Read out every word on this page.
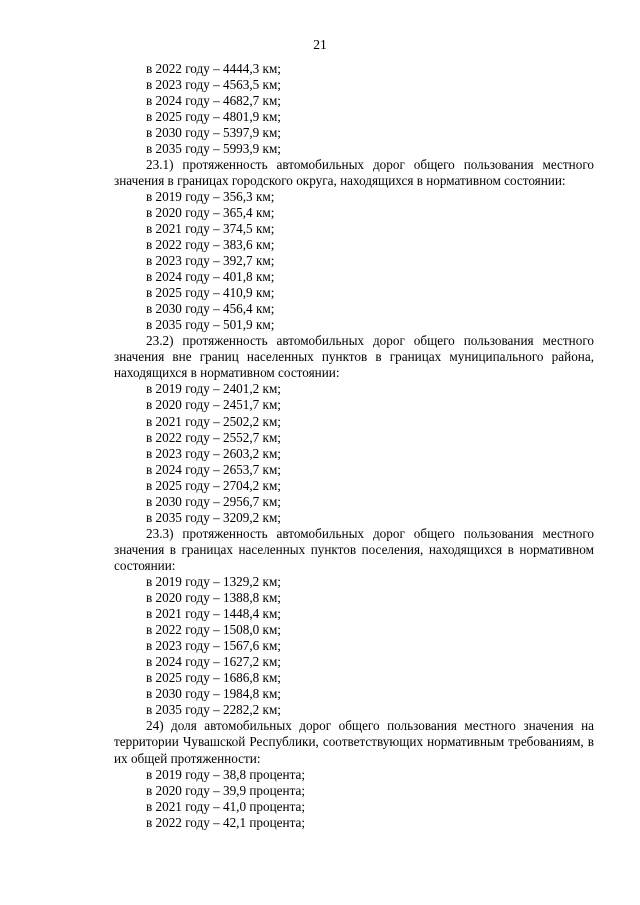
21

в 2022 году – 4444,3 км;

в 2023 году – 4563,5 км;

в 2024 году – 4682,7 км;

в 2025 году – 4801,9 км;

в 2030 году – 5397,9 км;

в 2035 году – 5993,9 км;

23.1) протяженность автомобильных дорог общего пользования местного значения в границах городского округа, находящихся в нормативном состоянии:

в 2019 году – 356,3 км;

в 2020 году – 365,4 км;

в 2021 году – 374,5 км;

в 2022 году – 383,6 км;

в 2023 году – 392,7 км;

в 2024 году – 401,8 км;

в 2025 году – 410,9 км;

в 2030 году – 456,4 км;

в 2035 году – 501,9 км;

23.2) протяженность автомобильных дорог общего пользования местного значения вне границ населенных пунктов в границах муниципального района, находящихся в нормативном состоянии:

в 2019 году – 2401,2 км;

в 2020 году – 2451,7 км;

в 2021 году – 2502,2 км;

в 2022 году – 2552,7 км;

в 2023 году – 2603,2 км;

в 2024 году – 2653,7 км;

в 2025 году – 2704,2 км;

в 2030 году – 2956,7 км;

в 2035 году – 3209,2 км;

23.3) протяженность автомобильных дорог общего пользования местного значения в границах населенных пунктов поселения, находящихся в нормативном состоянии:

в 2019 году – 1329,2 км;

в 2020 году – 1388,8 км;

в 2021 году – 1448,4 км;

в 2022 году – 1508,0 км;

в 2023 году – 1567,6 км;

в 2024 году – 1627,2 км;

в 2025 году – 1686,8 км;

в 2030 году – 1984,8 км;

в 2035 году – 2282,2 км;

24) доля автомобильных дорог общего пользования местного значения на территории Чувашской Республики, соответствующих нормативным требованиям, в их общей протяженности:

в 2019 году – 38,8 процента;

в 2020 году – 39,9 процента;

в 2021 году – 41,0 процента;

в 2022 году – 42,1 процента;
